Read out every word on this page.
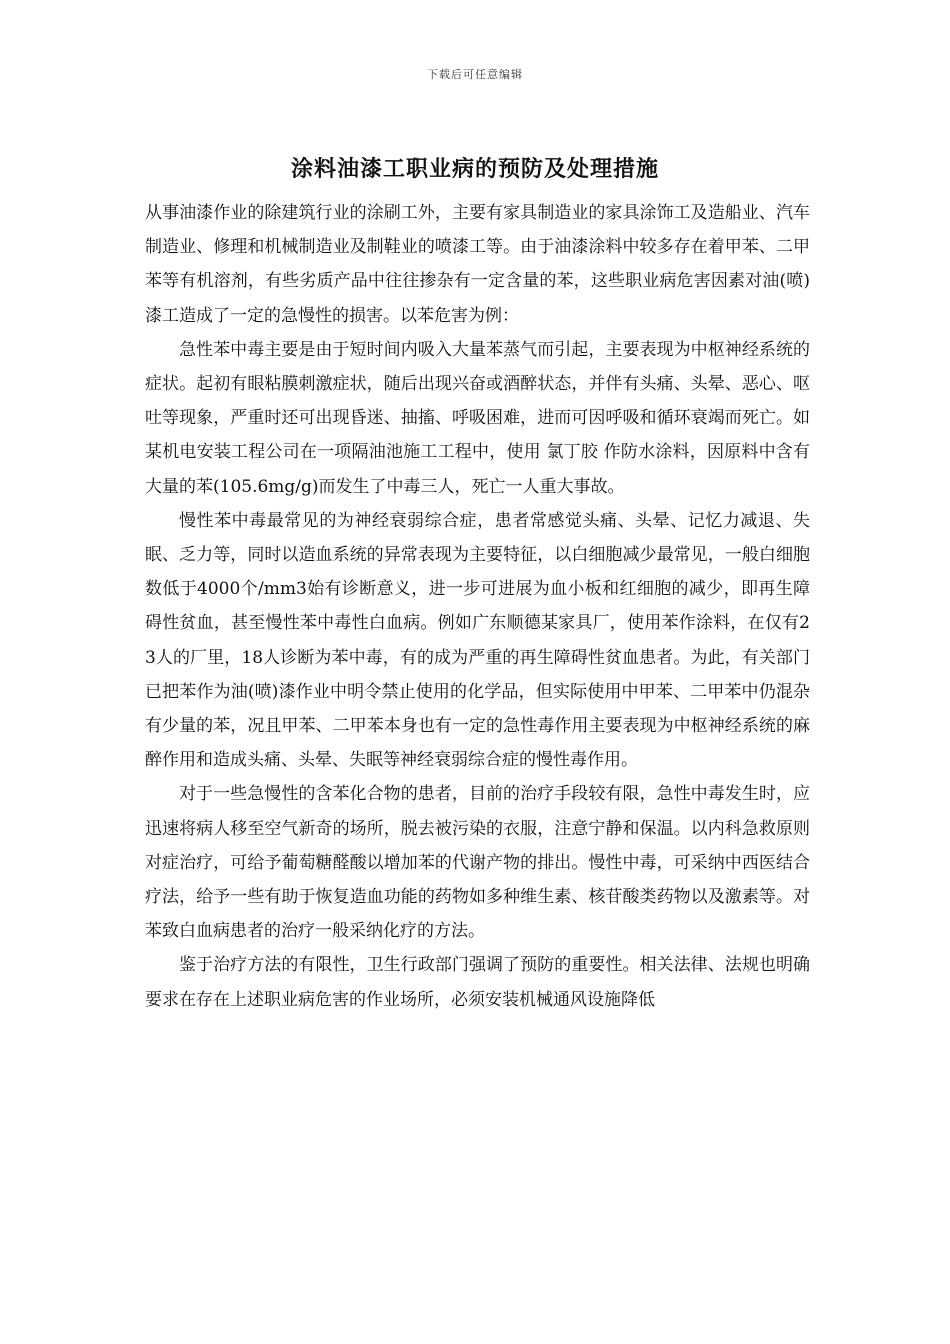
下载后可任意编辑
涂料油漆工职业病的预防及处理措施

从事油漆作业的除建筑行业的涂刷工外，主要有家具制造业的家具涂饰工及造船业、汽车制造业、修理和机械制造业及制鞋业的喷漆工等。由于油漆涂料中较多存在着甲苯、二甲苯等有机溶剂，有些劣质产品中往往掺杂有一定含量的苯，这些职业病危害因素对油(喷)漆工造成了一定的急慢性的损害。以苯危害为例：

急性苯中毒主要是由于短时间内吸入大量苯蒸气而引起，主要表现为中枢神经系统的症状。起初有眼粘膜刺激症状，随后出现兴奋或酒醉状态，并伴有头痛、头晕、恶心、呕吐等现象，严重时还可出现昏迷、抽搐、呼吸困难，进而可因呼吸和循环衰竭而死亡。如某机电安装工程公司在一项隔油池施工工程中，使用 氯丁胶 作防水涂料，因原料中含有大量的苯(105.6mg/g)而发生了中毒三人，死亡一人重大事故。

慢性苯中毒最常见的为神经衰弱综合症，患者常感觉头痛、头晕、记忆力减退、失眠、乏力等，同时以造血系统的异常表现为主要特征，以白细胞减少最常见，一般白细胞数低于4000个/mm3始有诊断意义，进一步可进展为血小板和红细胞的减少，即再生障碍性贫血，甚至慢性苯中毒性白血病。例如广东顺德某家具厂，使用苯作涂料，在仅有23人的厂里，18人诊断为苯中毒，有的成为严重的再生障碍性贫血患者。为此，有关部门已把苯作为油(喷)漆作业中明令禁止使用的化学品，但实际使用中甲苯、二甲苯中仍混杂有少量的苯，况且甲苯、二甲苯本身也有一定的急性毒作用主要表现为中枢神经系统的麻醉作用和造成头痛、头晕、失眠等神经衰弱综合症的慢性毒作用。

对于一些急慢性的含苯化合物的患者，目前的治疗手段较有限，急性中毒发生时，应迅速将病人移至空气新奇的场所，脱去被污染的衣服，注意宁静和保温。以内科急救原则对症治疗，可给予葡萄糖醛酸以增加苯的代谢产物的排出。慢性中毒，可采纳中西医结合疗法，给予一些有助于恢复造血功能的药物如多种维生素、核苷酸类药物以及激素等。对苯致白血病患者的治疗一般采纳化疗的方法。

鉴于治疗方法的有限性，卫生行政部门强调了预防的重要性。相关法律、法规也明确要求在存在上述职业病危害的作业场所，必须安装机械通风设施降低
